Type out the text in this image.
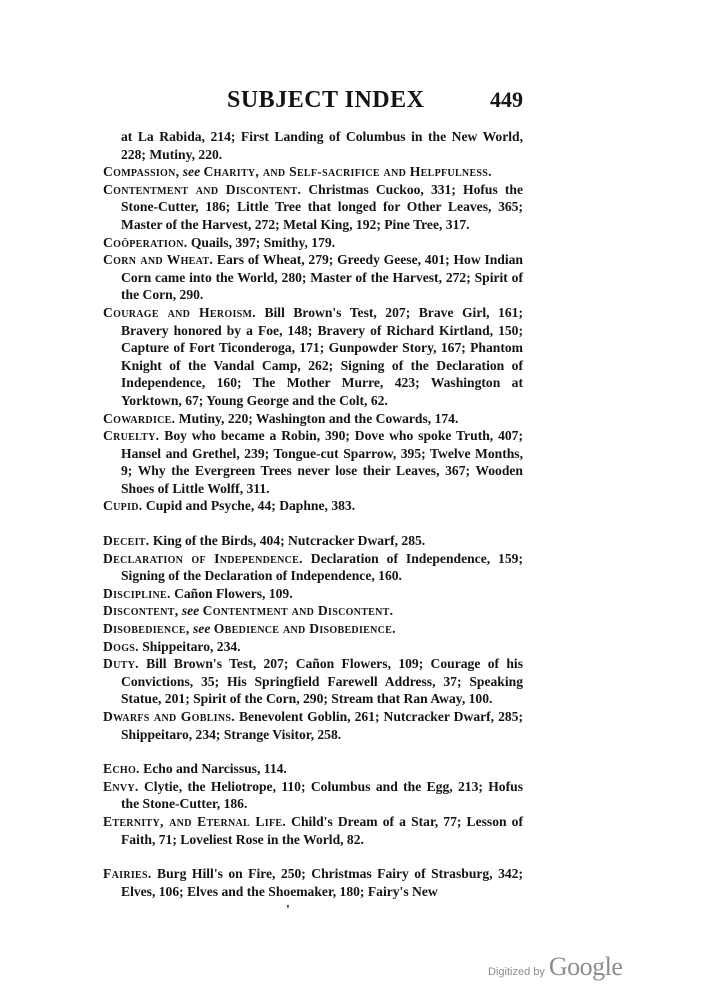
SUBJECT INDEX	449
at La Rabida, 214; First Landing of Columbus in the New World, 228; Mutiny, 220.
Compassion, see Charity, and Self-sacrifice and Helpfulness.
Contentment and Discontent. Christmas Cuckoo, 331; Hofus the Stone-Cutter, 186; Little Tree that longed for Other Leaves, 365; Master of the Harvest, 272; Metal King, 192; Pine Tree, 317.
Coöperation. Quails, 397; Smithy, 179.
Corn and Wheat. Ears of Wheat, 279; Greedy Geese, 401; How Indian Corn came into the World, 280; Master of the Harvest, 272; Spirit of the Corn, 290.
Courage and Heroism. Bill Brown's Test, 207; Brave Girl, 161; Bravery honored by a Foe, 148; Bravery of Richard Kirtland, 150; Capture of Fort Ticonderoga, 171; Gunpowder Story, 167; Phantom Knight of the Vandal Camp, 262; Signing of the Declaration of Independence, 160; The Mother Murre, 423; Washington at Yorktown, 67; Young George and the Colt, 62.
Cowardice. Mutiny, 220; Washington and the Cowards, 174.
Cruelty. Boy who became a Robin, 390; Dove who spoke Truth, 407; Hansel and Grethel, 239; Tongue-cut Sparrow, 395; Twelve Months, 9; Why the Evergreen Trees never lose their Leaves, 367; Wooden Shoes of Little Wolff, 311.
Cupid. Cupid and Psyche, 44; Daphne, 383.
Deceit. King of the Birds, 404; Nutcracker Dwarf, 285.
Declaration of Independence. Declaration of Independence, 159; Signing of the Declaration of Independence, 160.
Discipline. Cañon Flowers, 109.
Discontent, see Contentment and Discontent.
Disobedience, see Obedience and Disobedience.
Dogs. Shippeitaro, 234.
Duty. Bill Brown's Test, 207; Cañon Flowers, 109; Courage of his Convictions, 35; His Springfield Farewell Address, 37; Speaking Statue, 201; Spirit of the Corn, 290; Stream that Ran Away, 100.
Dwarfs and Goblins. Benevolent Goblin, 261; Nutcracker Dwarf, 285; Shippeitaro, 234; Strange Visitor, 258.
Echo. Echo and Narcissus, 114.
Envy. Clytie, the Heliotrope, 110; Columbus and the Egg, 213; Hofus the Stone-Cutter, 186.
Eternity, and Eternal Life. Child's Dream of a Star, 77; Lesson of Faith, 71; Loveliest Rose in the World, 82.
Fairies. Burg Hill's on Fire, 250; Christmas Fairy of Strasburg, 342; Elves, 106; Elves and the Shoemaker, 180; Fairy's New
'
Digitized by Google
